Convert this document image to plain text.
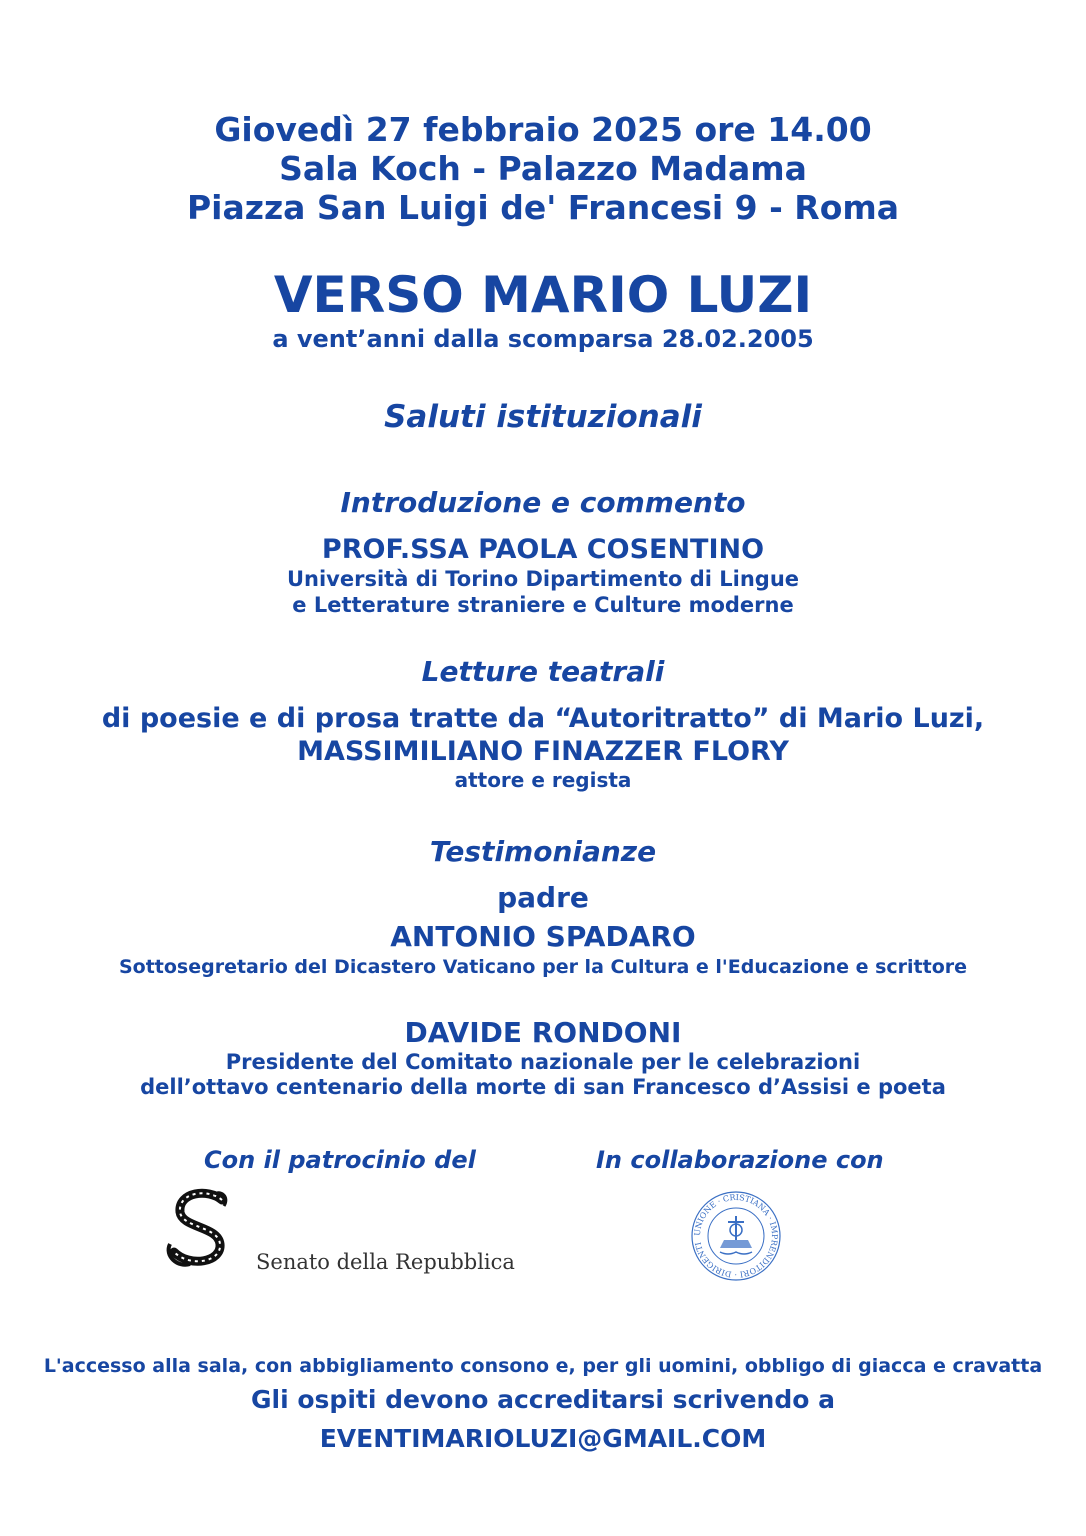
Giovedì 27 febbraio 2025 ore 14.00

Sala Koch - Palazzo Madama

Piazza San Luigi de' Francesi 9 - Roma

VERSO MARIO LUZI

a vent’anni dalla scomparsa 28.02.2005

Saluti istituzionali

Introduzione e commento

PROF.SSA PAOLA COSENTINO

Università di Torino Dipartimento di Lingue

e Letterature straniere e Culture moderne

Letture teatrali

di poesie e di prosa tratte da “Autoritratto” di Mario Luzi,

MASSIMILIANO FINAZZER FLORY

attore e regista

Testimonianze

padre

ANTONIO SPADARO

Sottosegretario del Dicastero Vaticano per la Cultura e l'Educazione e scrittore

DAVIDE RONDONI

Presidente del Comitato nazionale per le celebrazioni

dell’ottavo centenario della morte di san Francesco d’Assisi e poeta

Con il patrocinio del

Senato della Repubblica

In collaborazione con

UNIONE · CRISTIANA · IMPRENDITORI · DIRIGENTI

L'accesso alla sala, con abbigliamento consono e, per gli uomini, obbligo di giacca e cravatta

Gli ospiti devono accreditarsi scrivendo a

EVENTIMARIOLUZI@GMAIL.COM
